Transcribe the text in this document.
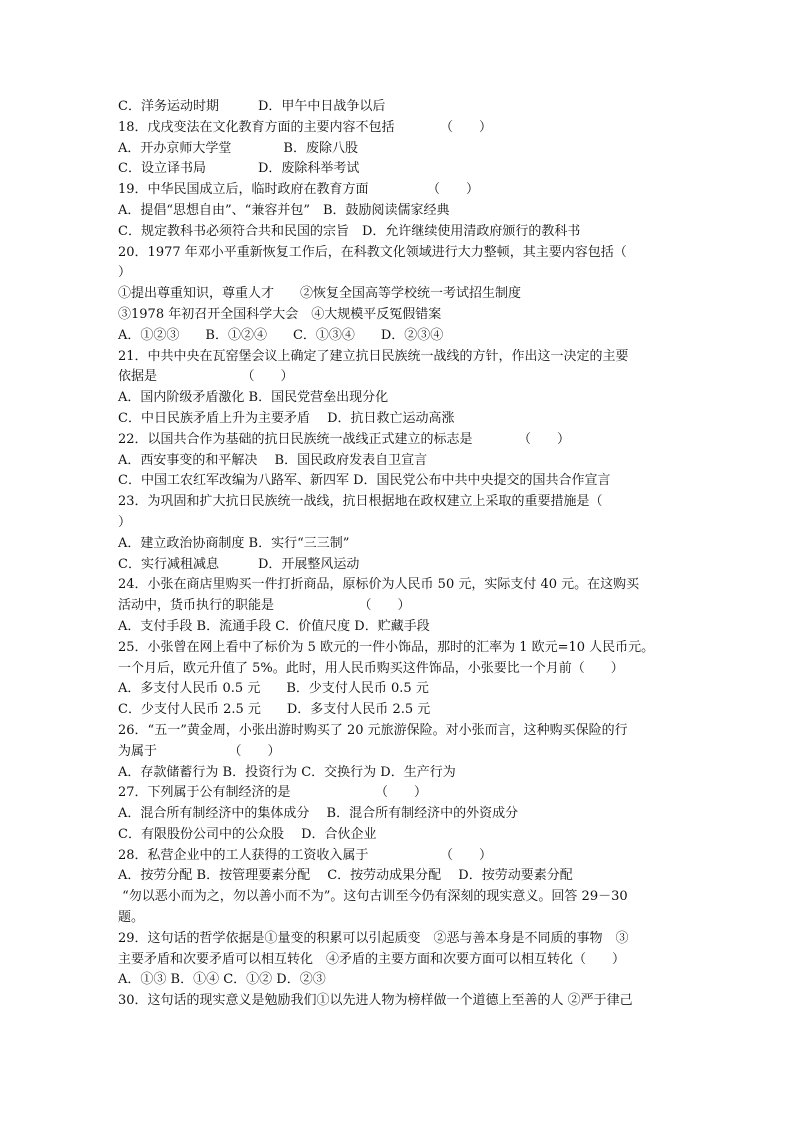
C．洋务运动时期　　　D．甲午中日战争以后
18．戊戌变法在文化教育方面的主要内容不包括　　　　（　　）
A．开办京师大学堂　　　　B．废除八股
C．设立译书局　　　　D．废除科举考试
19．中华民国成立后，临时政府在教育方面　　　　　（　　）
A．提倡“思想自由”、“兼容并包”　B．鼓励阅读儒家经典
C．规定教科书必须符合共和民国的宗旨　D．允许继续使用清政府颁行的教科书
20．1977 年邓小平重新恢复工作后，在科教文化领域进行大力整顿，其主要内容包括（
）
①提出尊重知识，尊重人才　　②恢复全国高等学校统一考试招生制度
③1978 年初召开全国科学大会　④大规模平反冤假错案
A．①②③　　B．①②④　　C．①③④　　D．②③④
21．中共中央在瓦窑堡会议上确定了建立抗日民族统一战线的方针，作出这一决定的主要
依据是　　　　　　　（　　）
A．国内阶级矛盾激化 B．国民党营垒出现分化
C．中日民族矛盾上升为主要矛盾　 D．抗日救亡运动高涨
22．以国共合作为基础的抗日民族统一战线正式建立的标志是　　　　（　　）
A．西安事变的和平解决　 B．国民政府发表自卫宣言
C．中国工农红军改编为八路军、新四军 D．国民党公布中共中央提交的国共合作宣言
23．为巩固和扩大抗日民族统一战线，抗日根据地在政权建立上采取的重要措施是（
）
A．建立政治协商制度 B．实行“三三制”
C．实行减租减息　　　D．开展整风运动
24．小张在商店里购买一件打折商品，原标价为人民币 50 元，实际支付 40 元。在这购买
活动中，货币执行的职能是　　　　　　　（　　）
A．支付手段 B．流通手段 C．价值尺度 D．贮藏手段
25．小张曾在网上看中了标价为 5 欧元的一件小饰品，那时的汇率为 1 欧元=10 人民币元。
一个月后，欧元升值了 5%。此时，用人民币购买这件饰品，小张要比一个月前（　　）
A．多支付人民币 0.5 元　　B．少支付人民币 0.5 元
C．少支付人民币 2.5 元　　D．多支付人民币 2.5 元
26．“五一”黄金周，小张出游时购买了 20 元旅游保险。对小张而言，这种购买保险的行
为属于　　　　　　（　　）
A．存款储蓄行为 B．投资行为 C．交换行为 D．生产行为
27．下列属于公有制经济的是　　　　　　　（　　）
A．混合所有制经济中的集体成分　 B．混合所有制经济中的外资成分
C．有限股份公司中的公众股　 D．合伙企业
28．私营企业中的工人获得的工资收入属于　　　　　　（　　）
A．按劳分配 B．按管理要素分配　 C．按劳动成果分配　 D．按劳动要素分配
“勿以恶小而为之，勿以善小而不为”。这句古训至今仍有深刻的现实意义。回答 29－30
题。
29．这句话的哲学依据是①量变的积累可以引起质变　②恶与善本身是不同质的事物　③
主要矛盾和次要矛盾可以相互转化　④矛盾的主要方面和次要方面可以相互转化（　　）
A．①③ B．①④ C．①② D．②③
30．这句话的现实意义是勉励我们①以先进人物为榜样做一个道德上至善的人 ②严于律己
